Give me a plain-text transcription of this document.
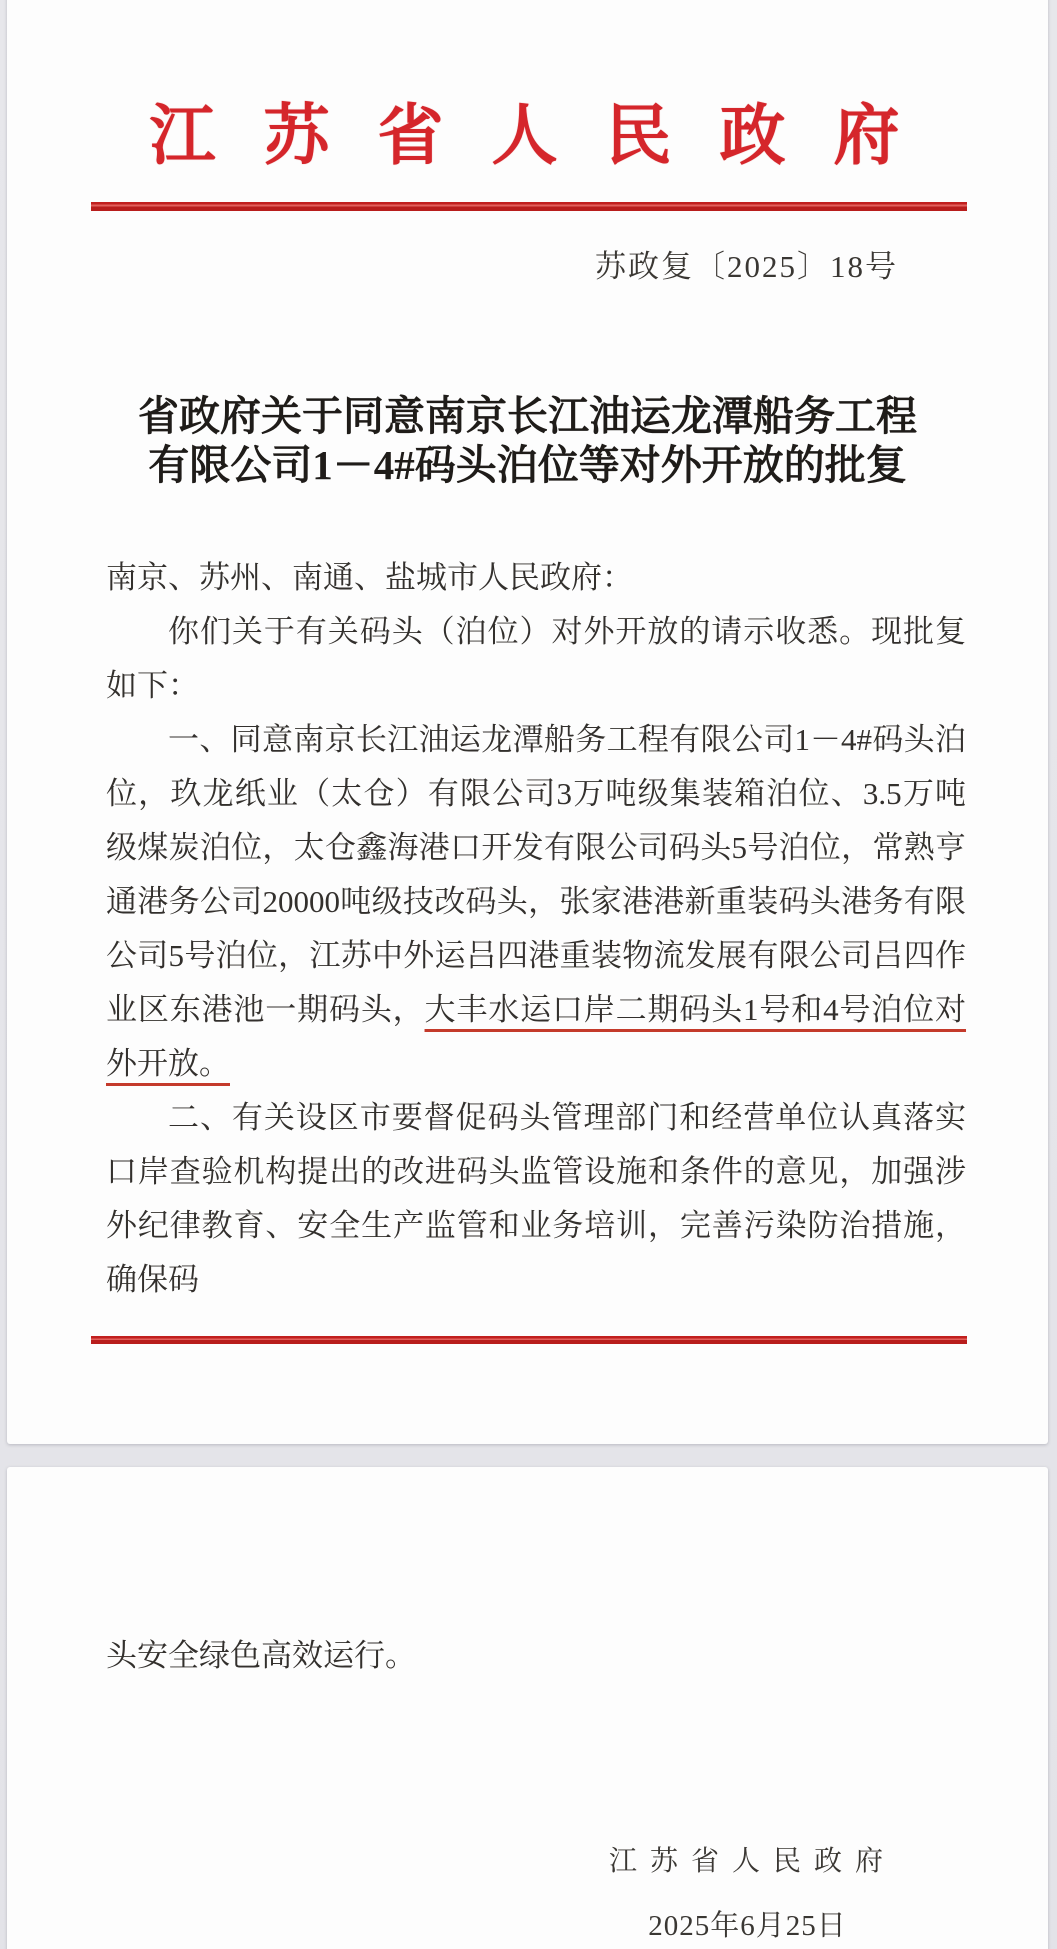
江苏省人民政府
苏政复〔2025〕18号
省政府关于同意南京长江油运龙潭船务工程
有限公司1－4#码头泊位等对外开放的批复

南京、苏州、南通、盐城市人民政府：

你们关于有关码头（泊位）对外开放的请示收悉。现批复如下：

一、同意南京长江油运龙潭船务工程有限公司1－4#码头泊位，玖龙纸业（太仓）有限公司3万吨级集装箱泊位、3.5万吨级煤炭泊位，太仓鑫海港口开发有限公司码头5号泊位，常熟亨通港务公司20000吨级技改码头，张家港港新重装码头港务有限公司5号泊位，江苏中外运吕四港重装物流发展有限公司吕四作业区东港池一期码头，大丰水运口岸二期码头1号和4号泊位对外开放。

二、有关设区市要督促码头管理部门和经营单位认真落实口岸查验机构提出的改进码头监管设施和条件的意见，加强涉外纪律教育、安全生产监管和业务培训，完善污染防治措施，确保码

头安全绿色高效运行。
江 苏 省 人 民 政 府
2025年6月25日
